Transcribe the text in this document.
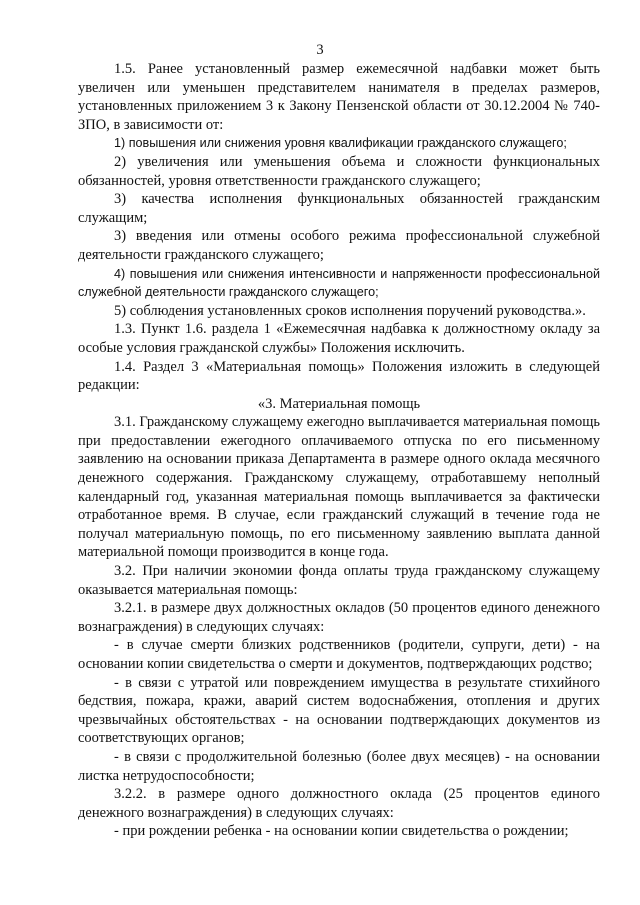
3

1.5. Ранее установленный размер ежемесячной надбавки может быть увеличен или уменьшен представителем нанимателя в пределах размеров, установленных приложением 3 к Закону Пензенской области от 30.12.2004 № 740-ЗПО, в зависимости от:

1) повышения или снижения уровня квалификации гражданского служащего;

2) увеличения или уменьшения объема и сложности функциональных обязанностей, уровня ответственности гражданского служащего;

3) качества исполнения функциональных обязанностей гражданским служащим;

3) введения или отмены особого режима профессиональной служебной деятельности гражданского служащего;

4) повышения или снижения интенсивности и напряженности профессиональной служебной деятельности гражданского служащего;

5) соблюдения установленных сроков исполнения поручений руководства.».

1.3. Пункт 1.6. раздела 1 «Ежемесячная надбавка к должностному окладу за особые условия гражданской службы» Положения исключить.

1.4. Раздел 3 «Материальная помощь» Положения изложить в следующей редакции:

«3. Материальная помощь

3.1. Гражданскому служащему ежегодно выплачивается материальная помощь при предоставлении ежегодного оплачиваемого отпуска по его письменному заявлению на основании приказа Департамента в размере одного оклада месячного денежного содержания. Гражданскому служащему, отработавшему неполный календарный год, указанная материальная помощь выплачивается за фактически отработанное время. В случае, если гражданский служащий в течение года не получал материальную помощь, по его письменному заявлению выплата данной материальной помощи производится в конце года.

3.2. При наличии экономии фонда оплаты труда гражданскому служащему оказывается материальная помощь:

3.2.1. в размере двух должностных окладов (50 процентов единого денежного вознаграждения) в следующих случаях:

- в случае смерти близких родственников (родители, супруги, дети) - на основании копии свидетельства о смерти и документов, подтверждающих родство;

- в связи с утратой или повреждением имущества в результате стихийного бедствия, пожара, кражи, аварий систем водоснабжения, отопления и других чрезвычайных обстоятельствах - на основании подтверждающих документов из соответствующих органов;

- в связи с продолжительной болезнью (более двух месяцев) - на основании листка нетрудоспособности;

3.2.2. в размере одного должностного оклада (25 процентов единого денежного вознаграждения) в следующих случаях:

- при рождении ребенка - на основании копии свидетельства о рождении;
